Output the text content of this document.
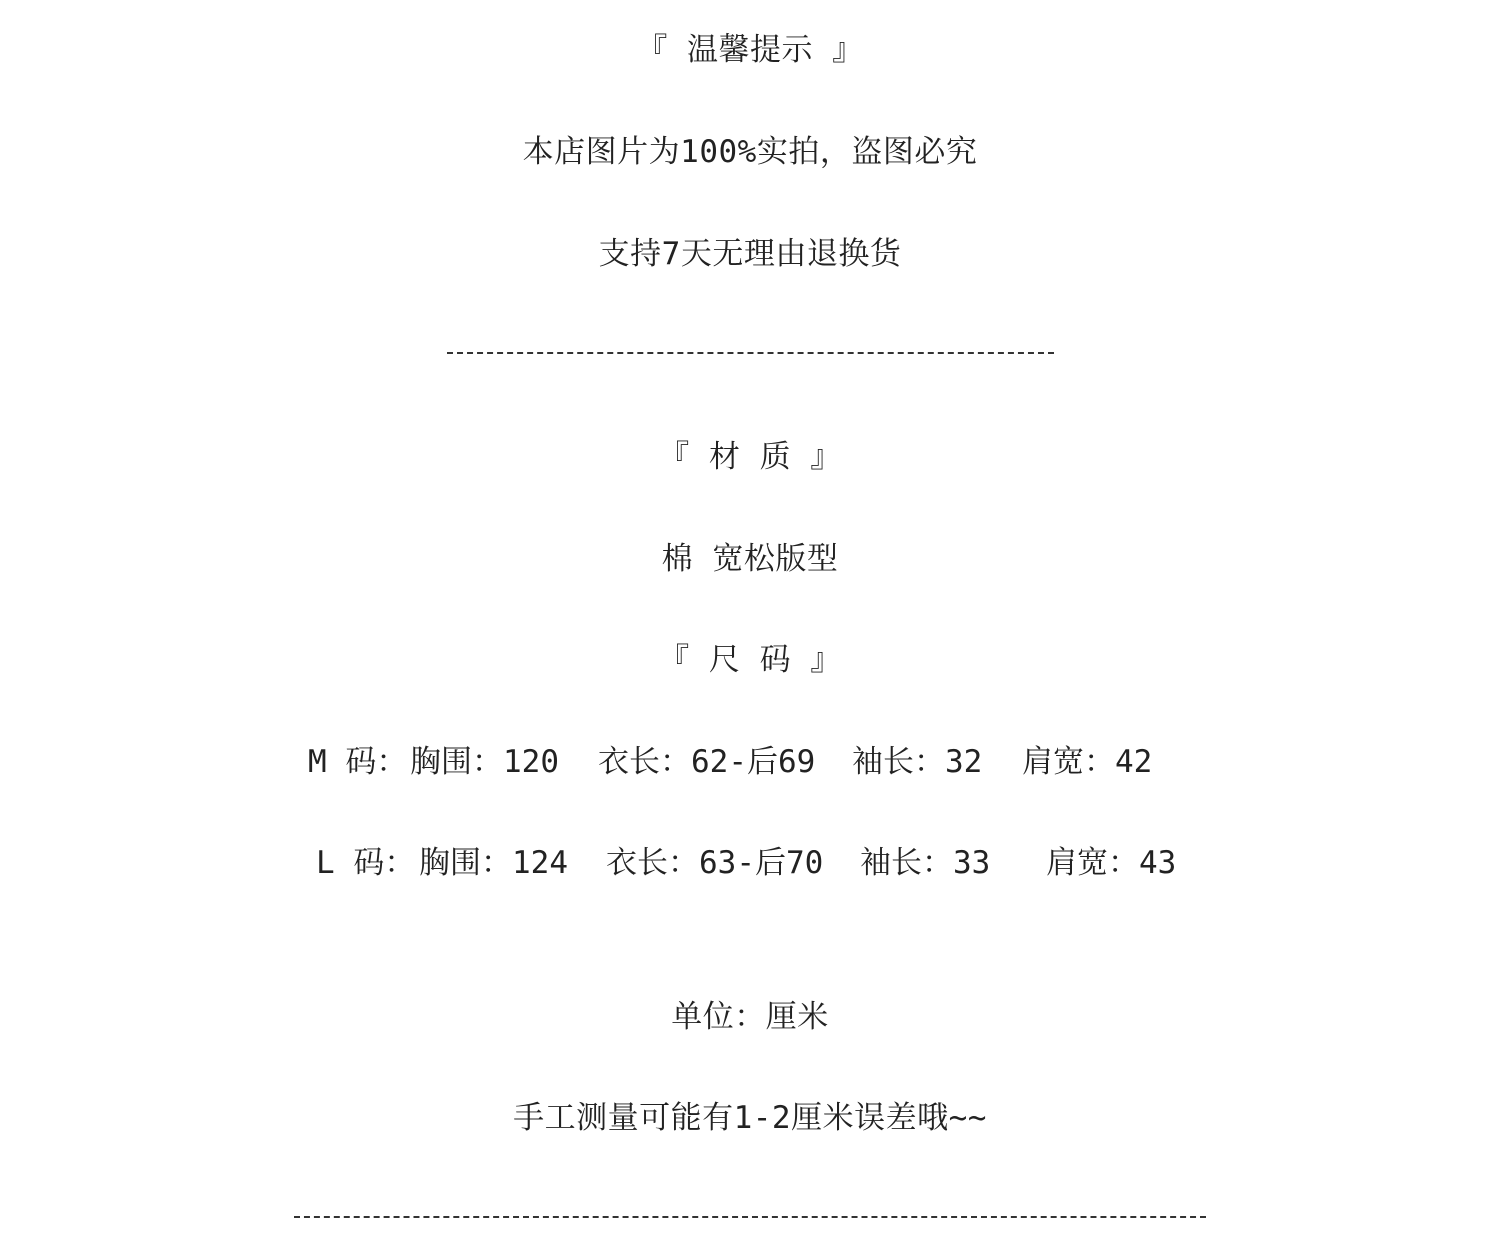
『 温馨提示 』
本店图片为100%实拍，盗图必究
支持7天无理由退换货
『 材 质 』
棉 宽松版型
『 尺 码 』

M 码：

胸围：120

衣长：62-后69

袖长：32

肩宽：42

L 码：

胸围：124

衣长：63-后70

袖长：33

肩宽：43

单位：厘米
手工测量可能有1-2厘米误差哦~~
